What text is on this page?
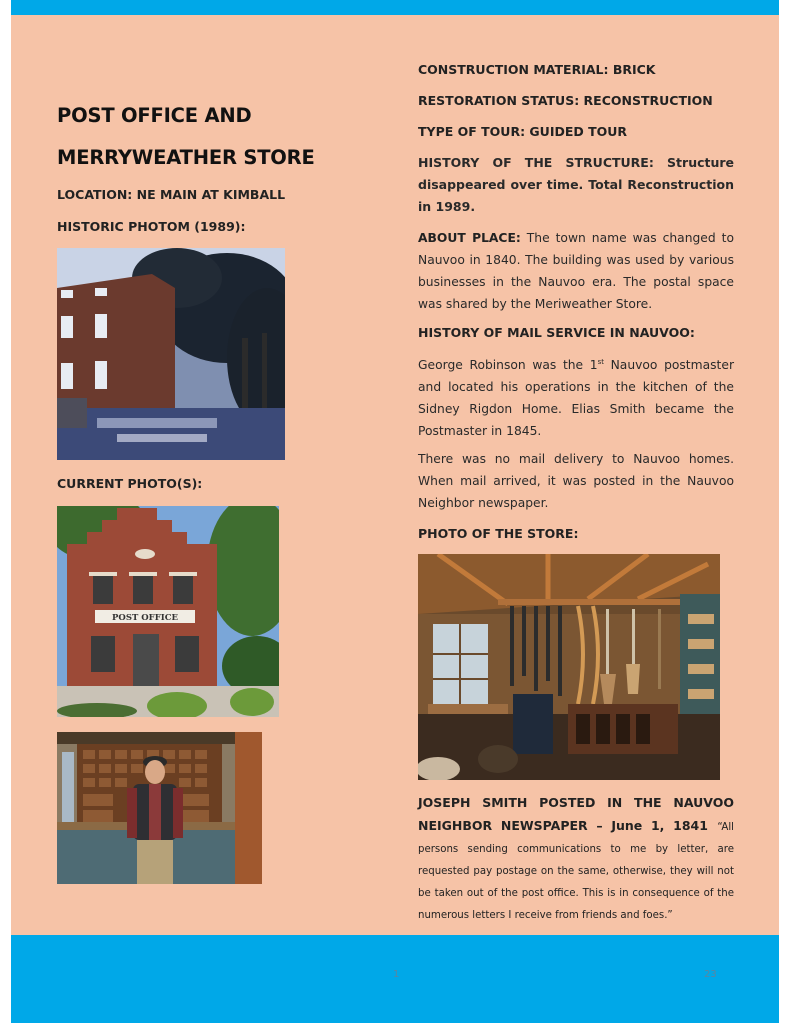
POST OFFICE AND
MERRYWEATHER STORE
LOCATION: NE MAIN AT KIMBALL
HISTORIC PHOTOM (1989):
CURRENT PHOTO(S):
POST OFFICE
CONSTRUCTION MATERIAL: BRICK
RESTORATION STATUS: RECONSTRUCTION
TYPE OF TOUR: GUIDED TOUR
HISTORY OF THE STRUCTURE: Structure disappeared over time. Total Reconstruction in 1989.
ABOUT PLACE: The town name was changed to Nauvoo in 1840. The building was used by various businesses in the Nauvoo era. The postal space was shared by the Meriweather Store.
HISTORY OF MAIL SERVICE IN NAUVOO:
George Robinson was the 1st Nauvoo postmaster and located his operations in the kitchen of the Sidney Rigdon Home. Elias Smith became the Postmaster in 1845.
There was no mail delivery to Nauvoo homes. When mail arrived, it was posted in the Nauvoo Neighbor newspaper.
PHOTO OF THE STORE:
JOSEPH SMITH POSTED IN THE NAUVOO NEIGHBOR NEWSPAPER – June 1, 1841 “All persons sending communications to me by letter, are requested pay postage on the same, otherwise, they will not be taken out of the post office. This is in consequence of the numerous letters I receive from friends and foes.”
1	23
